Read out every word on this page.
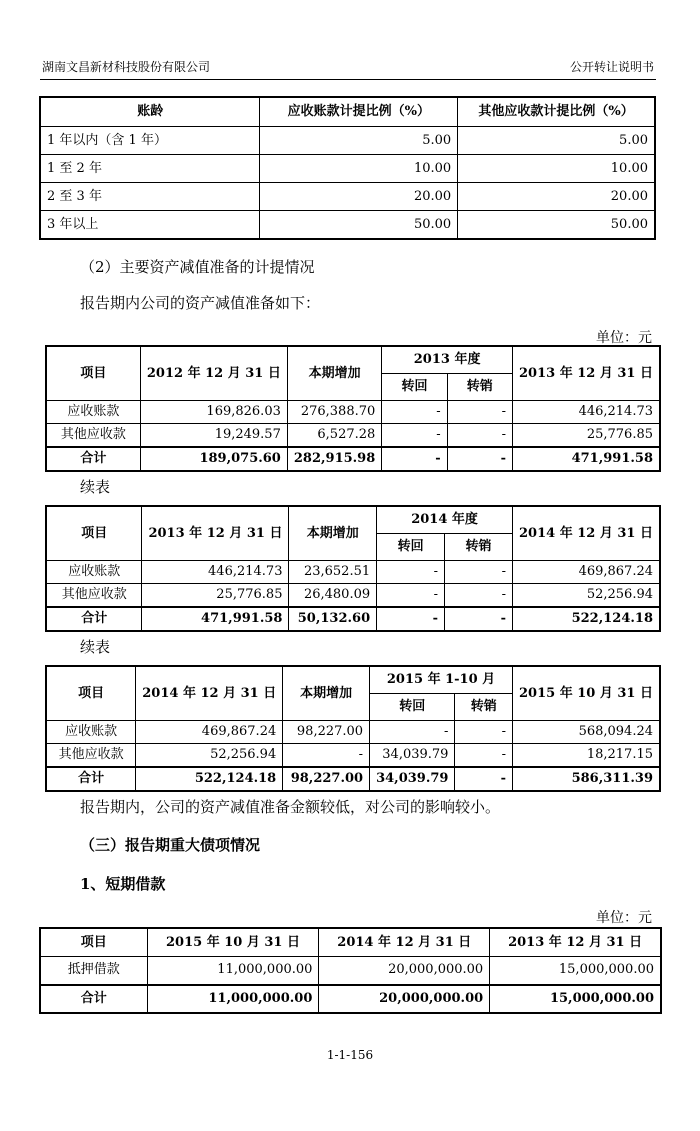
湖南文昌新材科技股份有限公司	公开转让说明书
账龄	应收账款计提比例（%）	其他应收款计提比例（%）
1 年以内（含 1 年）	5.00	5.00
1 至 2 年	10.00	10.00
2 至 3 年	20.00	20.00
3 年以上	50.00	50.00
（2）主要资产减值准备的计提情况
报告期内公司的资产减值准备如下：
单位：元
项目	2012 年 12 月 31 日	本期增加	2013 年度		2013 年 12 月 31 日
			转回	转销	
应收账款	169,826.03	276,388.70	-	-	446,214.73
其他应收款	19,249.57	6,527.28	-	-	25,776.85
合计	189,075.60	282,915.98	-	-	471,991.58
项目	2013 年 12 月 31 日	本期增加	2014 年度		2014 年 12 月 31 日
			转回	转销	
应收账款	446,214.73	23,652.51	-	-	469,867.24
其他应收款	25,776.85	26,480.09	-	-	52,256.94
合计	471,991.58	50,132.60	-	-	522,124.18
项目	2014 年 12 月 31 日	本期增加	2015 年 1-10 月		2015 年 10 月 31 日
			转回	转销	
应收账款	469,867.24	98,227.00	-	-	568,094.24
其他应收款	52,256.94	-	34,039.79	-	18,217.15
合计	522,124.18	98,227.00	34,039.79	-	586,311.39
续表
续表
报告期内，公司的资产减值准备金额较低，对公司的影响较小。
（三）报告期重大债项情况
1、短期借款
单位：元
项目	2015 年 10 月 31 日	2014 年 12 月 31 日	2013 年 12 月 31 日
抵押借款	11,000,000.00	20,000,000.00	15,000,000.00
合计	11,000,000.00	20,000,000.00	15,000,000.00
1-1-156
